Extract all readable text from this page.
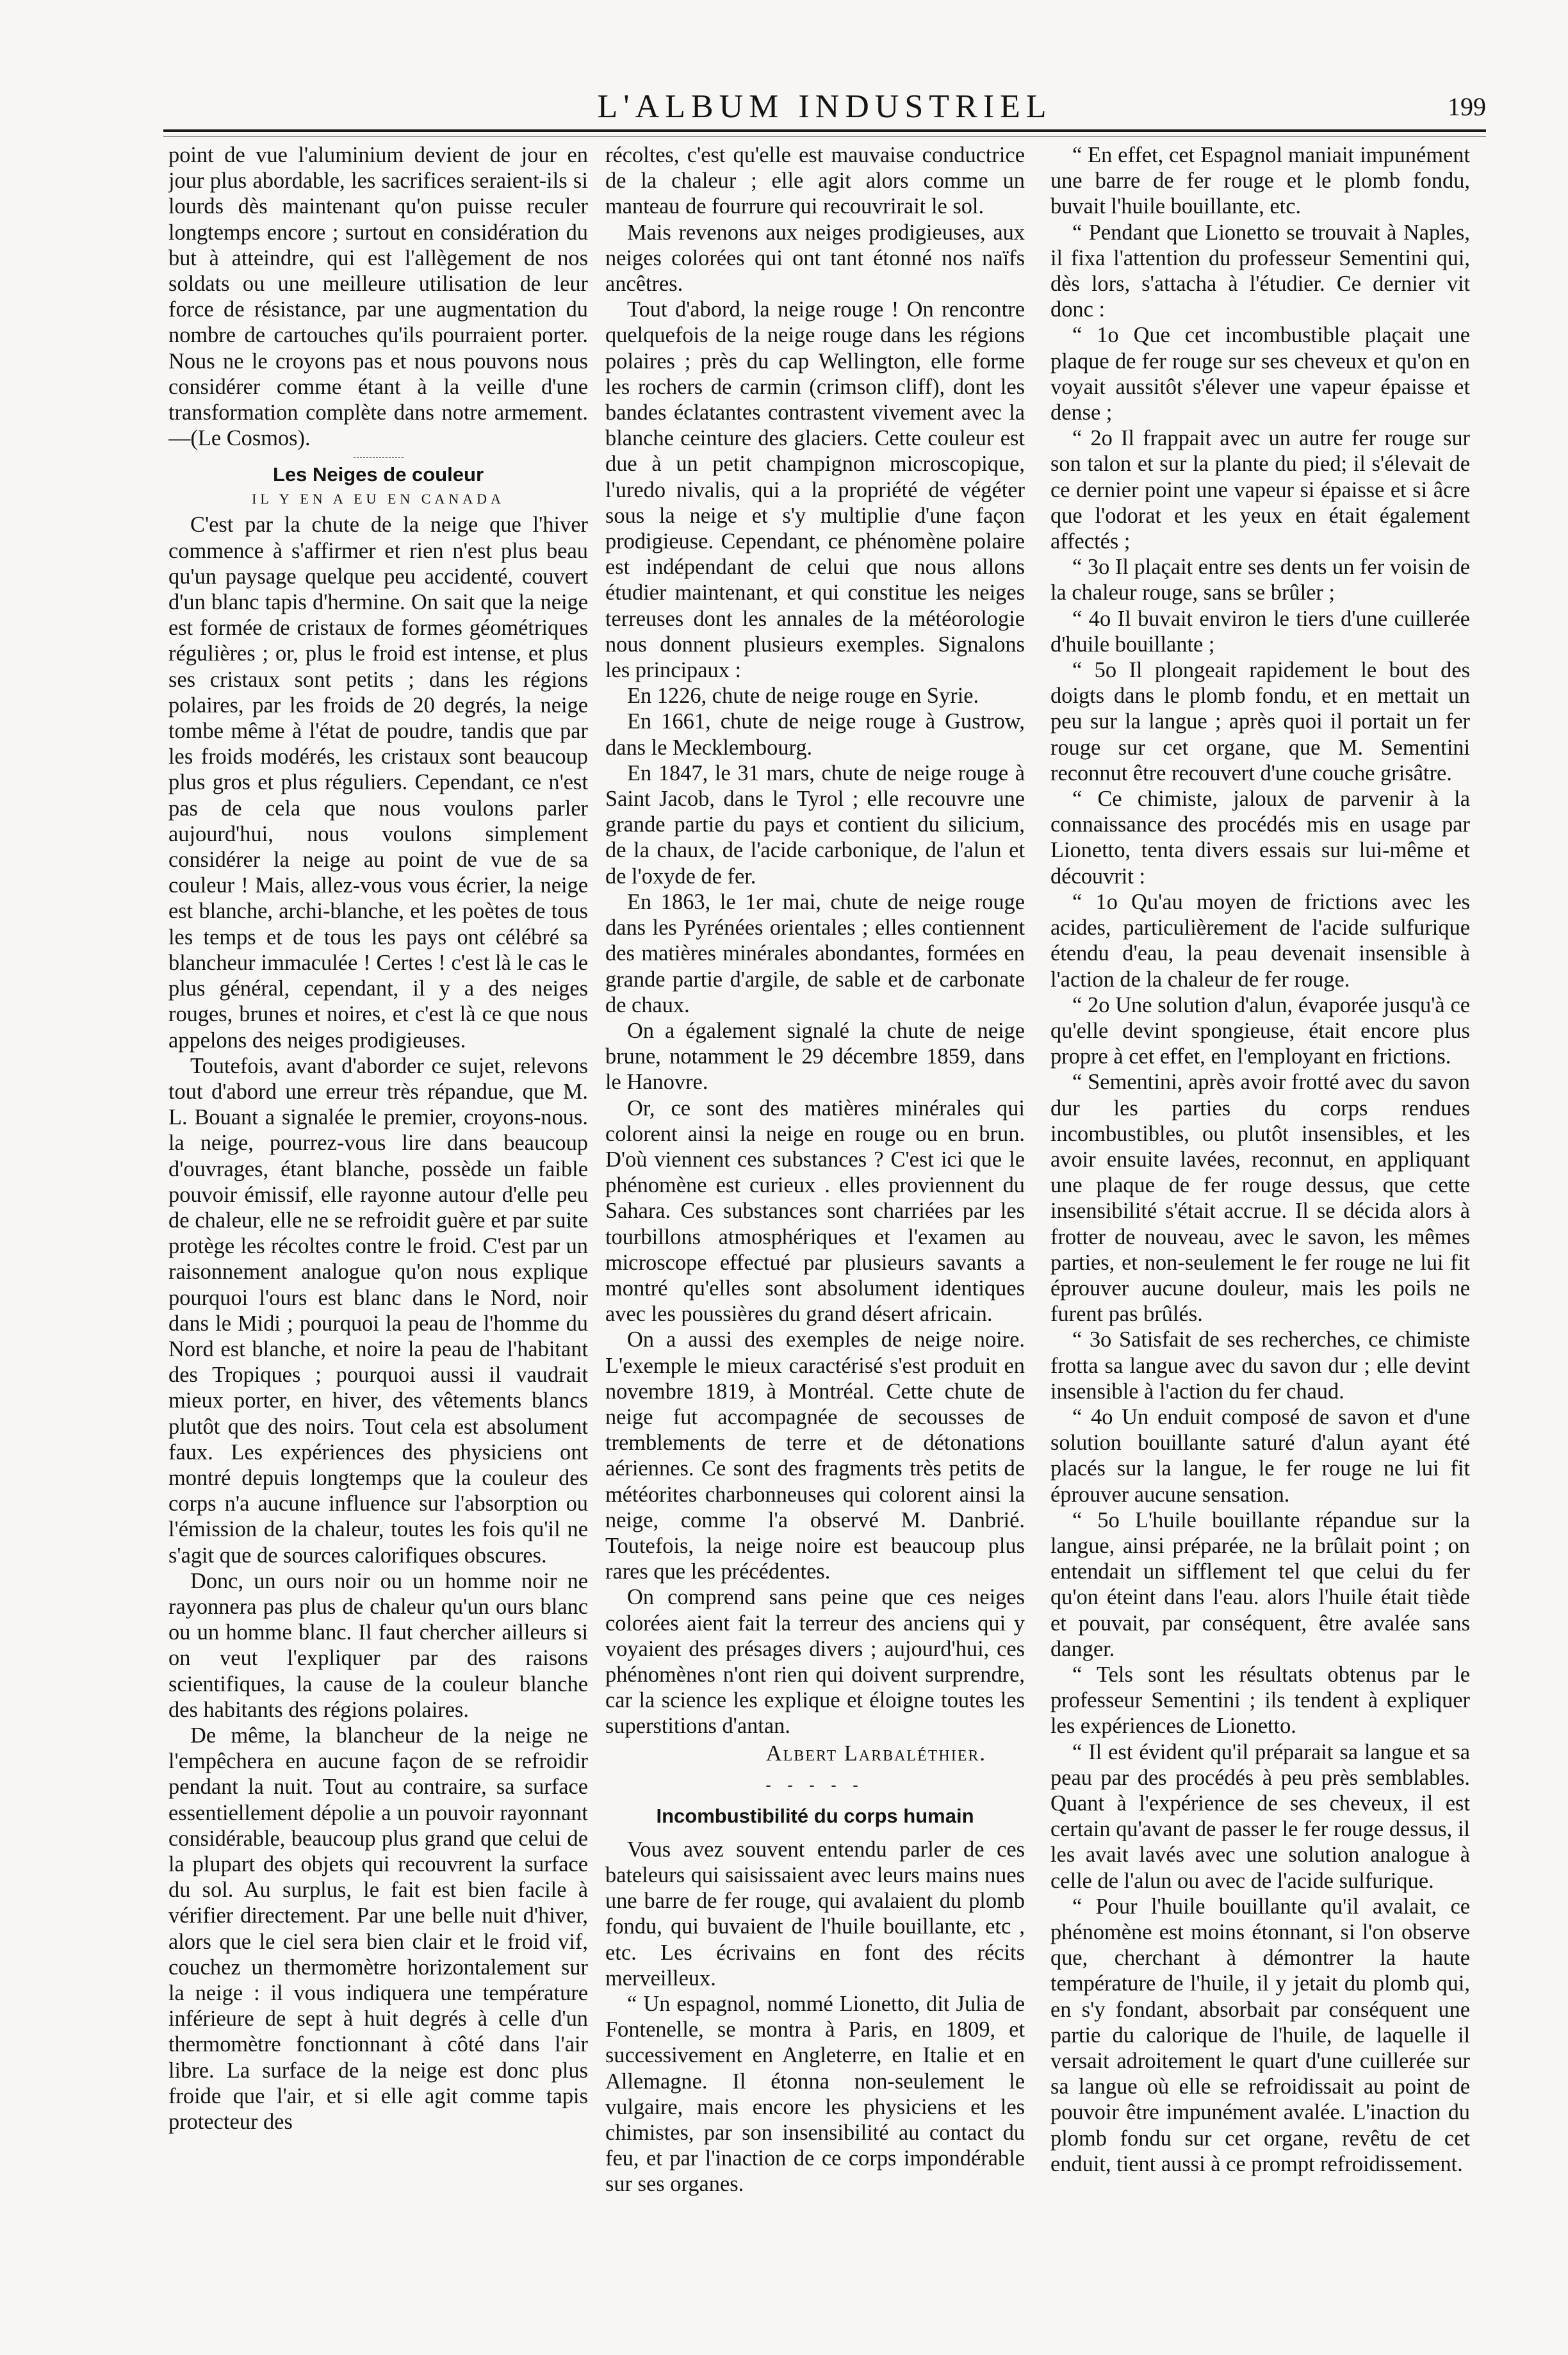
L'ALBUM INDUSTRIEL	199

point de vue l'aluminium devient de jour en jour plus abordable, les sacrifices seraient-ils si lourds dès maintenant qu'on puisse reculer longtemps encore ; surtout en considération du but à atteindre, qui est l'allègement de nos soldats ou une meilleure utilisation de leur force de résistance, par une augmentation du nombre de cartouches qu'ils pourraient porter. Nous ne le croyons pas et nous pouvons nous considérer comme étant à la veille d'une transformation complète dans notre armement.—(Le Cosmos).

Les Neiges de couleur
IL Y EN A EU EN CANADA

C'est par la chute de la neige que l'hiver commence à s'affirmer et rien n'est plus beau qu'un paysage quelque peu accidenté, couvert d'un blanc tapis d'hermine. On sait que la neige est formée de cristaux de formes géométriques régulières ; or, plus le froid est intense, et plus ses cristaux sont petits ; dans les régions polaires, par les froids de 20 degrés, la neige tombe même à l'état de poudre, tandis que par les froids modérés, les cristaux sont beaucoup plus gros et plus réguliers. Cependant, ce n'est pas de cela que nous voulons parler aujourd'hui, nous voulons simplement considérer la neige au point de vue de sa couleur ! Mais, allez-vous vous écrier, la neige est blanche, archi-blanche, et les poètes de tous les temps et de tous les pays ont célébré sa blancheur immaculée ! Certes ! c'est là le cas le plus général, cependant, il y a des neiges rouges, brunes et noires, et c'est là ce que nous appelons des neiges prodigieuses.

Toutefois, avant d'aborder ce sujet, relevons tout d'abord une erreur très répandue, que M. L. Bouant a signalée le premier, croyons-nous. la neige, pourrez-vous lire dans beaucoup d'ouvrages, étant blanche, possède un faible pouvoir émissif, elle rayonne autour d'elle peu de chaleur, elle ne se refroidit guère et par suite protège les récoltes contre le froid. C'est par un raisonnement analogue qu'on nous explique pourquoi l'ours est blanc dans le Nord, noir dans le Midi ; pourquoi la peau de l'homme du Nord est blanche, et noire la peau de l'habitant des Tropiques ; pourquoi aussi il vaudrait mieux porter, en hiver, des vêtements blancs plutôt que des noirs. Tout cela est absolument faux. Les expériences des physiciens ont montré depuis longtemps que la couleur des corps n'a aucune influence sur l'absorption ou l'émission de la chaleur, toutes les fois qu'il ne s'agit que de sources calorifiques obscures.

Donc, un ours noir ou un homme noir ne rayonnera pas plus de chaleur qu'un ours blanc ou un homme blanc. Il faut chercher ailleurs si on veut l'expliquer par des raisons scientifiques, la cause de la couleur blanche des habitants des régions polaires.

De même, la blancheur de la neige ne l'empêchera en aucune façon de se refroidir pendant la nuit. Tout au contraire, sa surface essentiellement dépolie a un pouvoir rayonnant considérable, beaucoup plus grand que celui de la plupart des objets qui recouvrent la surface du sol. Au surplus, le fait est bien facile à vérifier directement. Par une belle nuit d'hiver, alors que le ciel sera bien clair et le froid vif, couchez un thermomètre horizontalement sur la neige : il vous indiquera une température inférieure de sept à huit degrés à celle d'un thermomètre fonctionnant à côté dans l'air libre. La surface de la neige est donc plus froide que l'air, et si elle agit comme tapis protecteur des

récoltes, c'est qu'elle est mauvaise conductrice de la chaleur ; elle agit alors comme un manteau de fourrure qui recouvrirait le sol.

Mais revenons aux neiges prodigieuses, aux neiges colorées qui ont tant étonné nos naïfs ancêtres.

Tout d'abord, la neige rouge ! On rencontre quelquefois de la neige rouge dans les régions polaires ; près du cap Wellington, elle forme les rochers de carmin (crimson cliff), dont les bandes éclatantes contrastent vivement avec la blanche ceinture des glaciers. Cette couleur est due à un petit champignon microscopique, l'uredo nivalis, qui a la propriété de végéter sous la neige et s'y multiplie d'une façon prodigieuse. Cependant, ce phénomène polaire est indépendant de celui que nous allons étudier maintenant, et qui constitue les neiges terreuses dont les annales de la météorologie nous donnent plusieurs exemples. Signalons les principaux :

En 1226, chute de neige rouge en Syrie.

En 1661, chute de neige rouge à Gustrow, dans le Mecklembourg.

En 1847, le 31 mars, chute de neige rouge à Saint Jacob, dans le Tyrol ; elle recouvre une grande partie du pays et contient du silicium, de la chaux, de l'acide carbonique, de l'alun et de l'oxyde de fer.

En 1863, le 1er mai, chute de neige rouge dans les Pyrénées orientales ; elles contiennent des matières minérales abondantes, formées en grande partie d'argile, de sable et de carbonate de chaux.

On a également signalé la chute de neige brune, notamment le 29 décembre 1859, dans le Hanovre.

Or, ce sont des matières minérales qui colorent ainsi la neige en rouge ou en brun. D'où viennent ces substances ? C'est ici que le phénomène est curieux . elles proviennent du Sahara. Ces substances sont charriées par les tourbillons atmosphériques et l'examen au microscope effectué par plusieurs savants a montré qu'elles sont absolument identiques avec les poussières du grand désert africain.

On a aussi des exemples de neige noire. L'exemple le mieux caractérisé s'est produit en novembre 1819, à Montréal. Cette chute de neige fut accompagnée de secousses de tremblements de terre et de détonations aériennes. Ce sont des fragments très petits de météorites charbonneuses qui colorent ainsi la neige, comme l'a observé M. Danbrié. Toutefois, la neige noire est beaucoup plus rares que les précédentes.

On comprend sans peine que ces neiges colorées aient fait la terreur des anciens qui y voyaient des présages divers ; aujourd'hui, ces phénomènes n'ont rien qui doivent surprendre, car la science les explique et éloigne toutes les superstitions d'antan.

Albert Larbaléthier.
- - - - -
Incombustibilité du corps humain

Vous avez souvent entendu parler de ces bateleurs qui saisissaient avec leurs mains nues une barre de fer rouge, qui avalaient du plomb fondu, qui buvaient de l'huile bouillante, etc , etc. Les écrivains en font des récits merveilleux.

“ Un espagnol, nommé Lionetto, dit Julia de Fontenelle, se montra à Paris, en 1809, et successivement en Angleterre, en Italie et en Allemagne. Il étonna non-seulement le vulgaire, mais encore les physiciens et les chimistes, par son insensibilité au contact du feu, et par l'inaction de ce corps impondérable sur ses organes.

“ En effet, cet Espagnol maniait impunément une barre de fer rouge et le plomb fondu, buvait l'huile bouillante, etc.

“ Pendant que Lionetto se trouvait à Naples, il fixa l'attention du professeur Sementini qui, dès lors, s'attacha à l'étudier. Ce dernier vit donc :

“ 1o Que cet incombustible plaçait une plaque de fer rouge sur ses cheveux et qu'on en voyait aussitôt s'élever une vapeur épaisse et dense ;

“ 2o Il frappait avec un autre fer rouge sur son talon et sur la plante du pied; il s'élevait de ce dernier point une vapeur si épaisse et si âcre que l'odorat et les yeux en était également affectés ;

“ 3o Il plaçait entre ses dents un fer voisin de la chaleur rouge, sans se brûler ;

“ 4o Il buvait environ le tiers d'une cuillerée d'huile bouillante ;

“ 5o Il plongeait rapidement le bout des doigts dans le plomb fondu, et en mettait un peu sur la langue ; après quoi il portait un fer rouge sur cet organe, que M. Sementini reconnut être recouvert d'une couche grisâtre.

“ Ce chimiste, jaloux de parvenir à la connaissance des procédés mis en usage par Lionetto, tenta divers essais sur lui-même et découvrit :

“ 1o Qu'au moyen de frictions avec les acides, particulièrement de l'acide sulfurique étendu d'eau, la peau devenait insensible à l'action de la chaleur de fer rouge.

“ 2o Une solution d'alun, évaporée jusqu'à ce qu'elle devint spongieuse, était encore plus propre à cet effet, en l'employant en frictions.

“ Sementini, après avoir frotté avec du savon dur les parties du corps rendues incombustibles, ou plutôt insensibles, et les avoir ensuite lavées, reconnut, en appliquant une plaque de fer rouge dessus, que cette insensibilité s'était accrue. Il se décida alors à frotter de nouveau, avec le savon, les mêmes parties, et non-seulement le fer rouge ne lui fit éprouver aucune douleur, mais les poils ne furent pas brûlés.

“ 3o Satisfait de ses recherches, ce chimiste frotta sa langue avec du savon dur ; elle devint insensible à l'action du fer chaud.

“ 4o Un enduit composé de savon et d'une solution bouillante saturé d'alun ayant été placés sur la langue, le fer rouge ne lui fit éprouver aucune sensation.

“ 5o L'huile bouillante répandue sur la langue, ainsi préparée, ne la brûlait point ; on entendait un sifflement tel que celui du fer qu'on éteint dans l'eau. alors l'huile était tiède et pouvait, par conséquent, être avalée sans danger.

“ Tels sont les résultats obtenus par le professeur Sementini ; ils tendent à expliquer les expériences de Lionetto.

“ Il est évident qu'il préparait sa langue et sa peau par des procédés à peu près semblables. Quant à l'expérience de ses cheveux, il est certain qu'avant de passer le fer rouge dessus, il les avait lavés avec une solution analogue à celle de l'alun ou avec de l'acide sulfurique.

“ Pour l'huile bouillante qu'il avalait, ce phénomène est moins étonnant, si l'on observe que, cherchant à démontrer la haute température de l'huile, il y jetait du plomb qui, en s'y fondant, absorbait par conséquent une partie du calorique de l'huile, de laquelle il versait adroitement le quart d'une cuillerée sur sa langue où elle se refroidissait au point de pouvoir être impunément avalée. L'inaction du plomb fondu sur cet organe, revêtu de cet enduit, tient aussi à ce prompt refroidissement.
